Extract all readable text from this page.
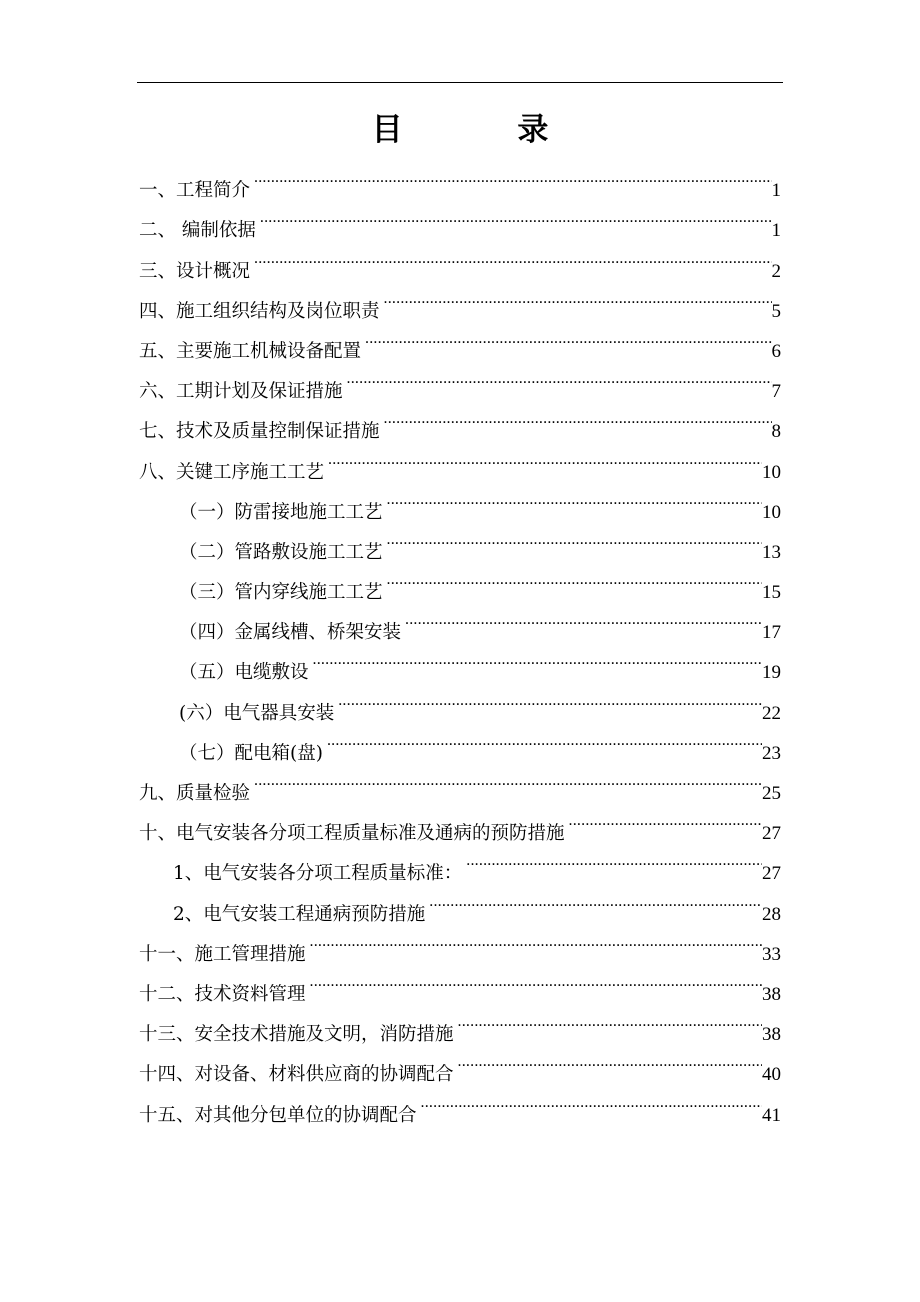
目 录
一、工程简介 .....	1
二、 编制依据 .....	1
三、设计概况 .....	2
四、施工组织结构及岗位职责 .....	5
五、主要施工机械设备配置 .....	6
六、工期计划及保证措施 .....	7
七、技术及质量控制保证措施 .....	8
八、关键工序施工工艺 .....	10
（一）防雷接地施工工艺 .....	10
（二）管路敷设施工工艺 .....	13
（三）管内穿线施工工艺 .....	15
（四）金属线槽、桥架安装 .....	17
（五）电缆敷设 .....	19
(六）电气器具安装 .....	22
（七）配电箱(盘) .....	23
九、质量检验 .....	25
十、电气安装各分项工程质量标准及通病的预防措施 .....	27
1、电气安装各分项工程质量标准： .....	27
2、电气安装工程通病预防措施 .....	28
十一、施工管理措施 .....	33
十二、技术资料管理 .....	38
十三、安全技术措施及文明，消防措施 .....	38
十四、对设备、材料供应商的协调配合 .....	40
十五、对其他分包单位的协调配合 .....	41
